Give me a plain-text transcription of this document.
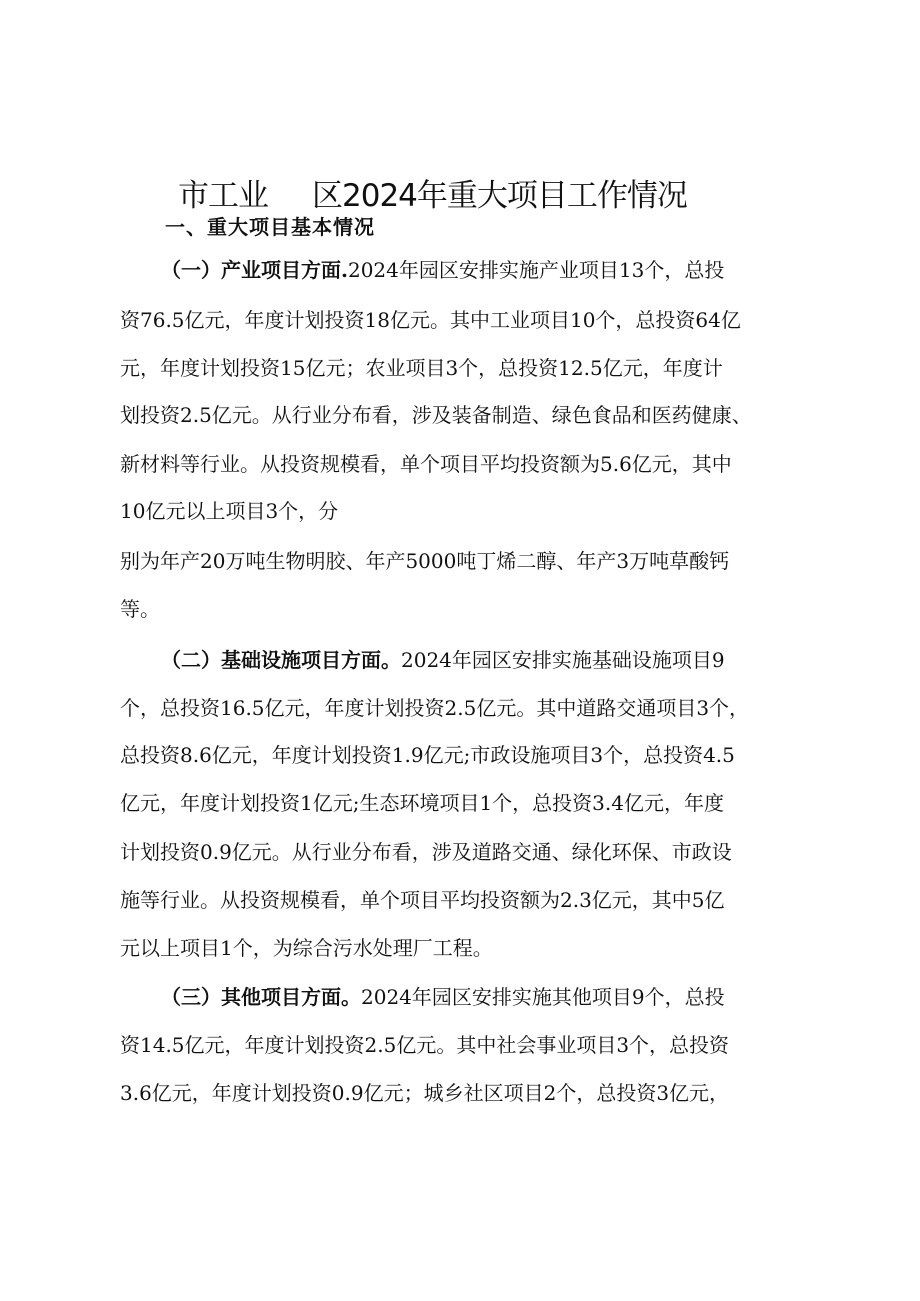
市工业 区2024年重大项目工作情况
一、重大项目基本情况

（一）产业项目方面.2024年园区安排实施产业项目13个，总投

资76.5亿元，年度计划投资18亿元。其中工业项目10个，总投资64亿

元，年度计划投资15亿元；农业项目3个，总投资12.5亿元，年度计

划投资2.5亿元。从行业分布看，涉及装备制造、绿色食品和医药健康、

新材料等行业。从投资规模看，单个项目平均投资额为5.6亿元，其中

10亿元以上项目3个，分

别为年产20万吨生物明胶、年产5000吨丁烯二醇、年产3万吨草酸钙

等。

（二）基础设施项目方面。2024年园区安排实施基础设施项目9

个，总投资16.5亿元，年度计划投资2.5亿元。其中道路交通项目3个，

总投资8.6亿元，年度计划投资1.9亿元;市政设施项目3个，总投资4.5

亿元，年度计划投资1亿元;生态环境项目1个，总投资3.4亿元，年度

计划投资0.9亿元。从行业分布看，涉及道路交通、绿化环保、市政设

施等行业。从投资规模看，单个项目平均投资额为2.3亿元，其中5亿

元以上项目1个，为综合污水处理厂工程。

（三）其他项目方面。2024年园区安排实施其他项目9个，总投

资14.5亿元，年度计划投资2.5亿元。其中社会事业项目3个，总投资

3.6亿元，年度计划投资0.9亿元；城乡社区项目2个，总投资3亿元，
